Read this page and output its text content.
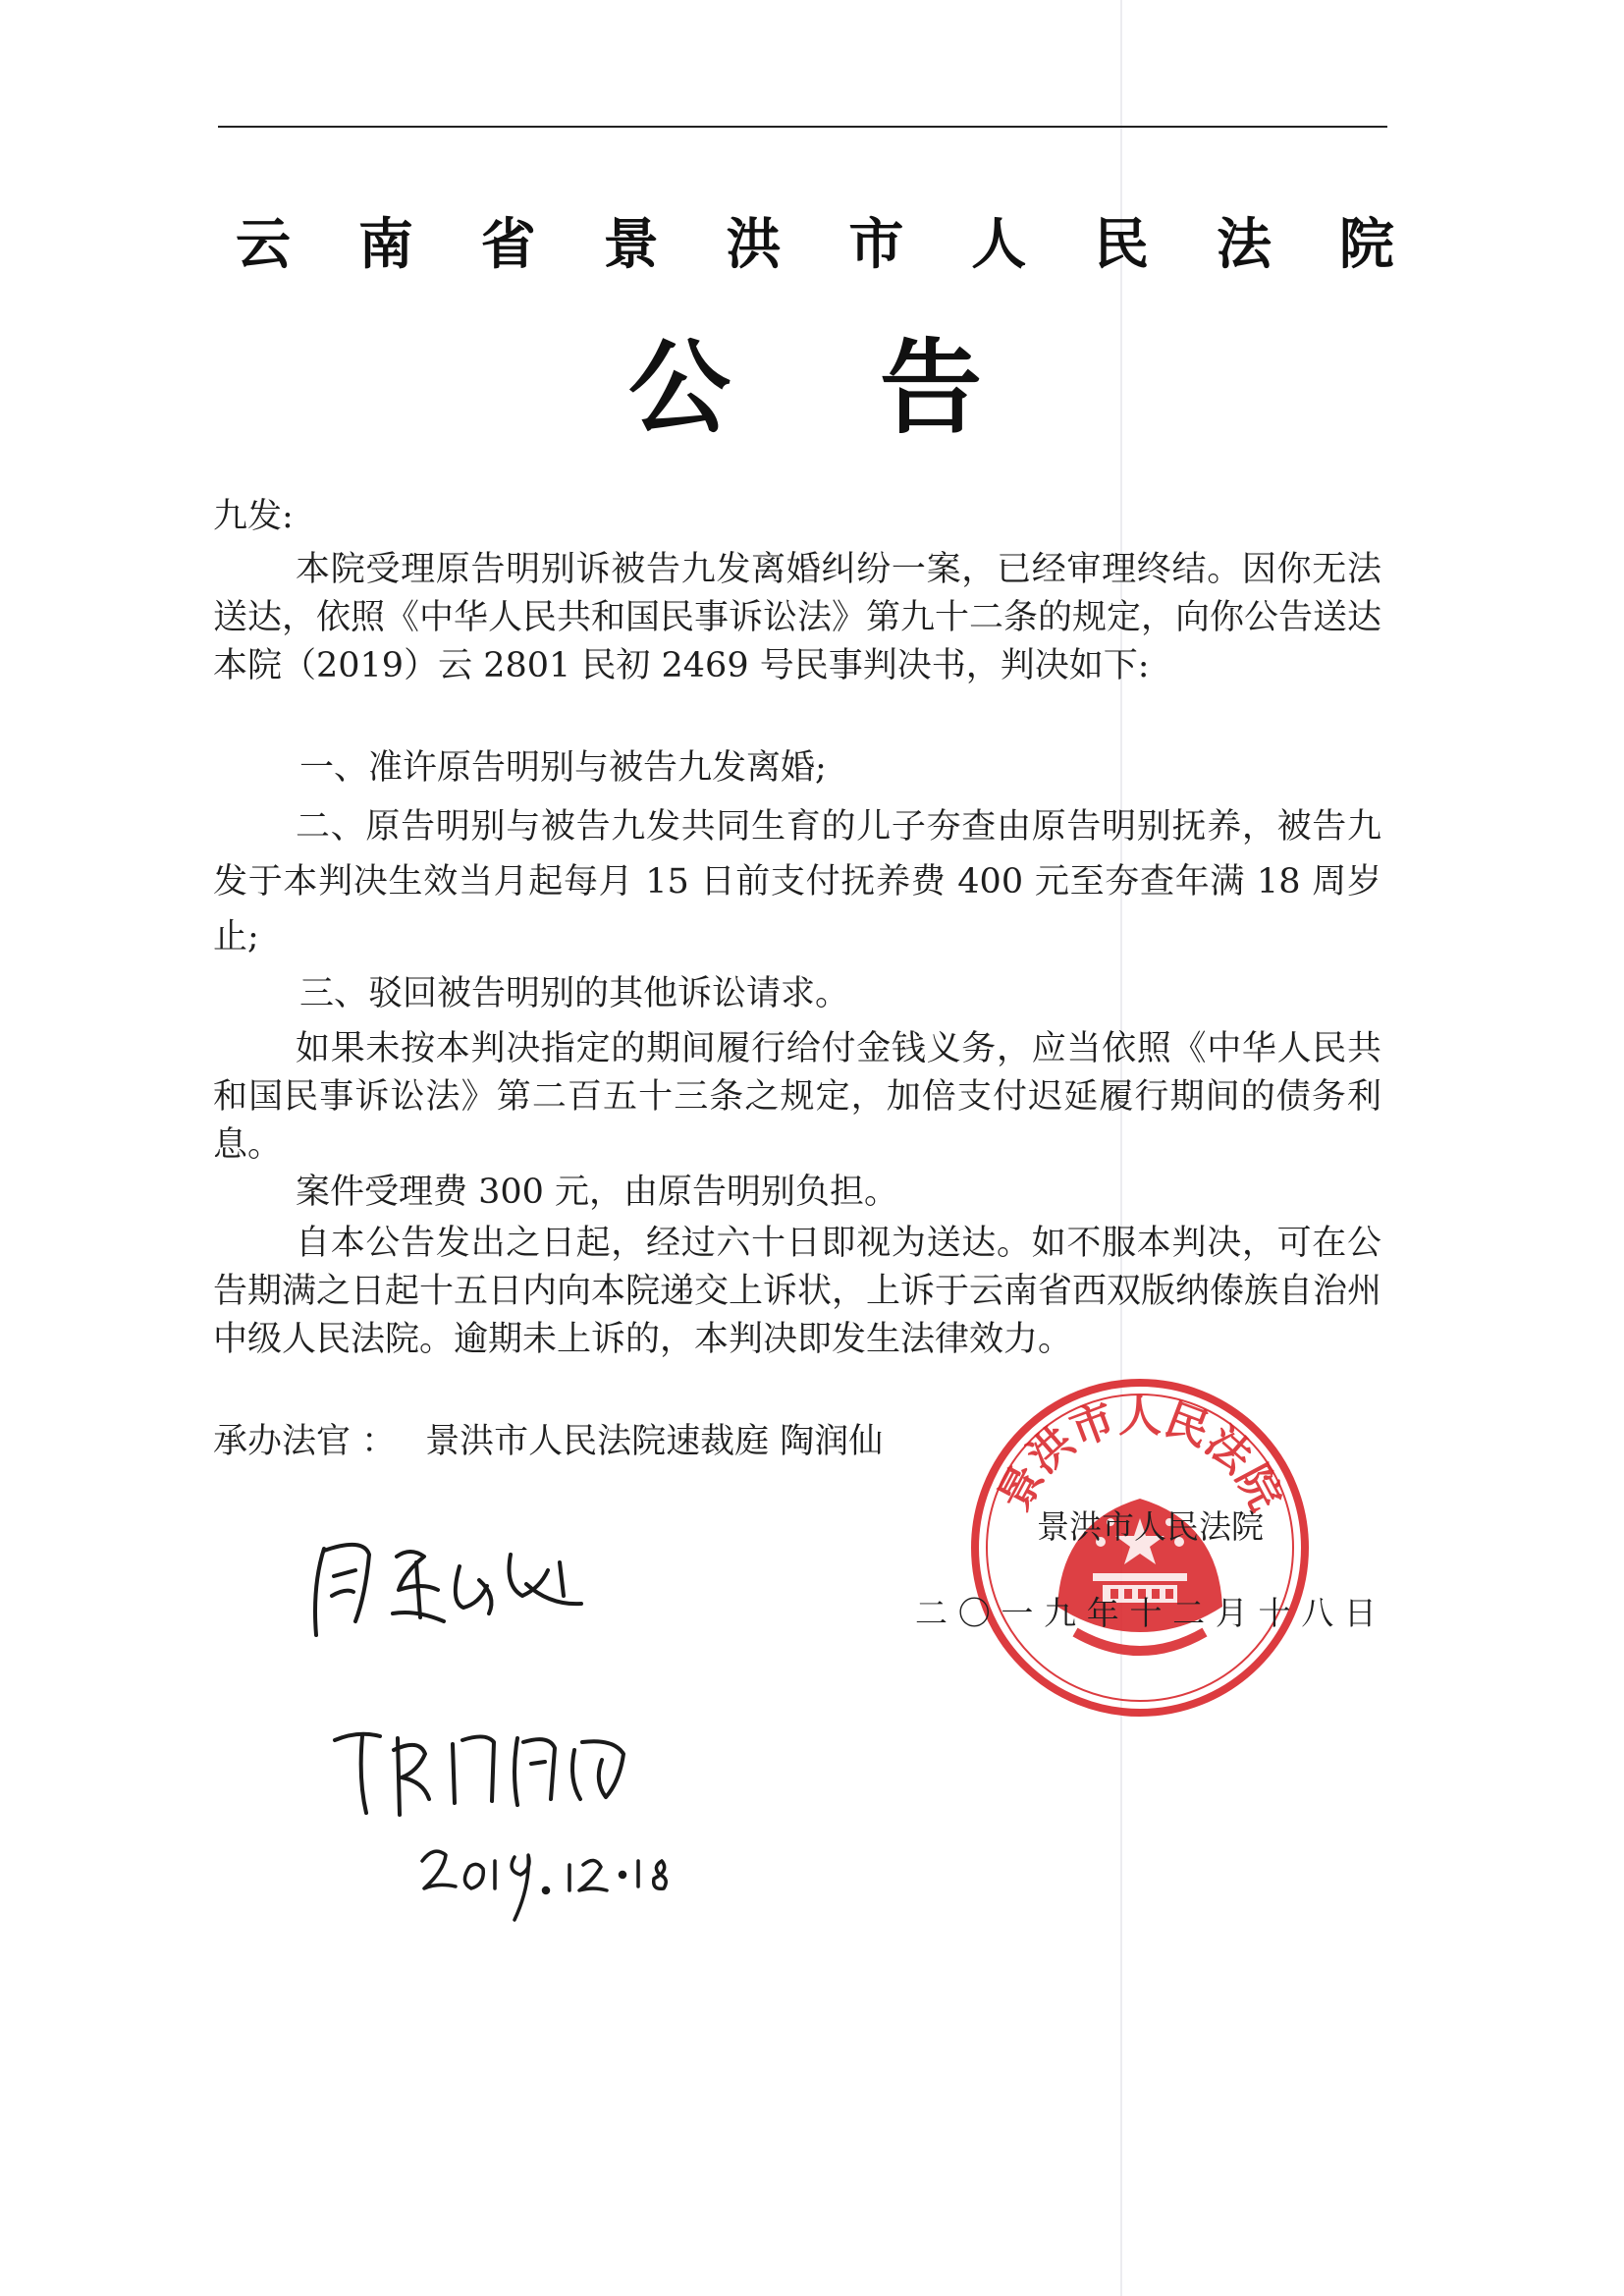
云 南 省 景 洪 市 人 民 法 院
公 告
九发:
本院受理原告明别诉被告九发离婚纠纷一案，已经审理终结。因你无法送达，依照《中华人民共和国民事诉讼法》第九十二条的规定，向你公告送达本院（2019）云 2801 民初 2469 号民事判决书，判决如下:
一、准许原告明别与被告九发离婚;
二、原告明别与被告九发共同生育的儿子夯查由原告明别抚养，被告九发于本判决生效当月起每月 15 日前支付抚养费 400 元至夯查年满 18 周岁止;
三、驳回被告明别的其他诉讼请求。
如果未按本判决指定的期间履行给付金钱义务，应当依照《中华人民共和国民事诉讼法》第二百五十三条之规定，加倍支付迟延履行期间的债务利息。
案件受理费 300 元，由原告明别负担。
自本公告发出之日起，经过六十日即视为送达。如不服本判决，可在公告期满之日起十五日内向本院递交上诉状，上诉于云南省西双版纳傣族自治州中级人民法院。逾期未上诉的，本判决即发生法律效力。
承办法官 ： 景洪市人民法院速裁庭 陶润仙
景洪市人民法院
景洪市人民法院
二 〇 一 九 年 十 二 月 十 八 日
